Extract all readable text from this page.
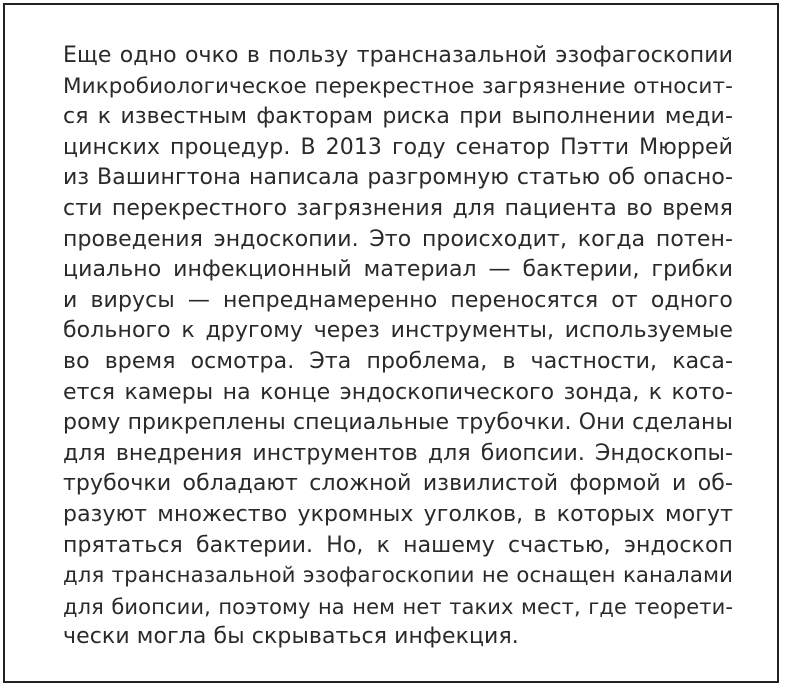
Еще одно очко в пользу трансназальной эзофагоскопии
Микробиологическое перекрестное загрязнение относит-
ся к известным факторам риска при выполнении меди-
цинских процедур. В 2013 году сенатор Пэтти Мюррей
из Вашингтона написала разгромную статью об опасно-
сти перекрестного загрязнения для пациента во время
проведения эндоскопии. Это происходит, когда потен-
циально инфекционный материал — бактерии, грибки
и вирусы — непреднамеренно переносятся от одного
больного к другому через инструменты, используемые
во время осмотра. Эта проблема, в частности, каса-
ется камеры на конце эндоскопического зонда, к кото-
рому прикреплены специальные трубочки. Они сделаны
для внедрения инструментов для биопсии. Эндоскопы-
трубочки обладают сложной извилистой формой и об-
разуют множество укромных уголков, в которых могут
прятаться бактерии. Но, к нашему счастью, эндоскоп
для трансназальной эзофагоскопии не оснащен каналами
для биопсии, поэтому на нем нет таких мест, где теорети-
чески могла бы скрываться инфекция.
